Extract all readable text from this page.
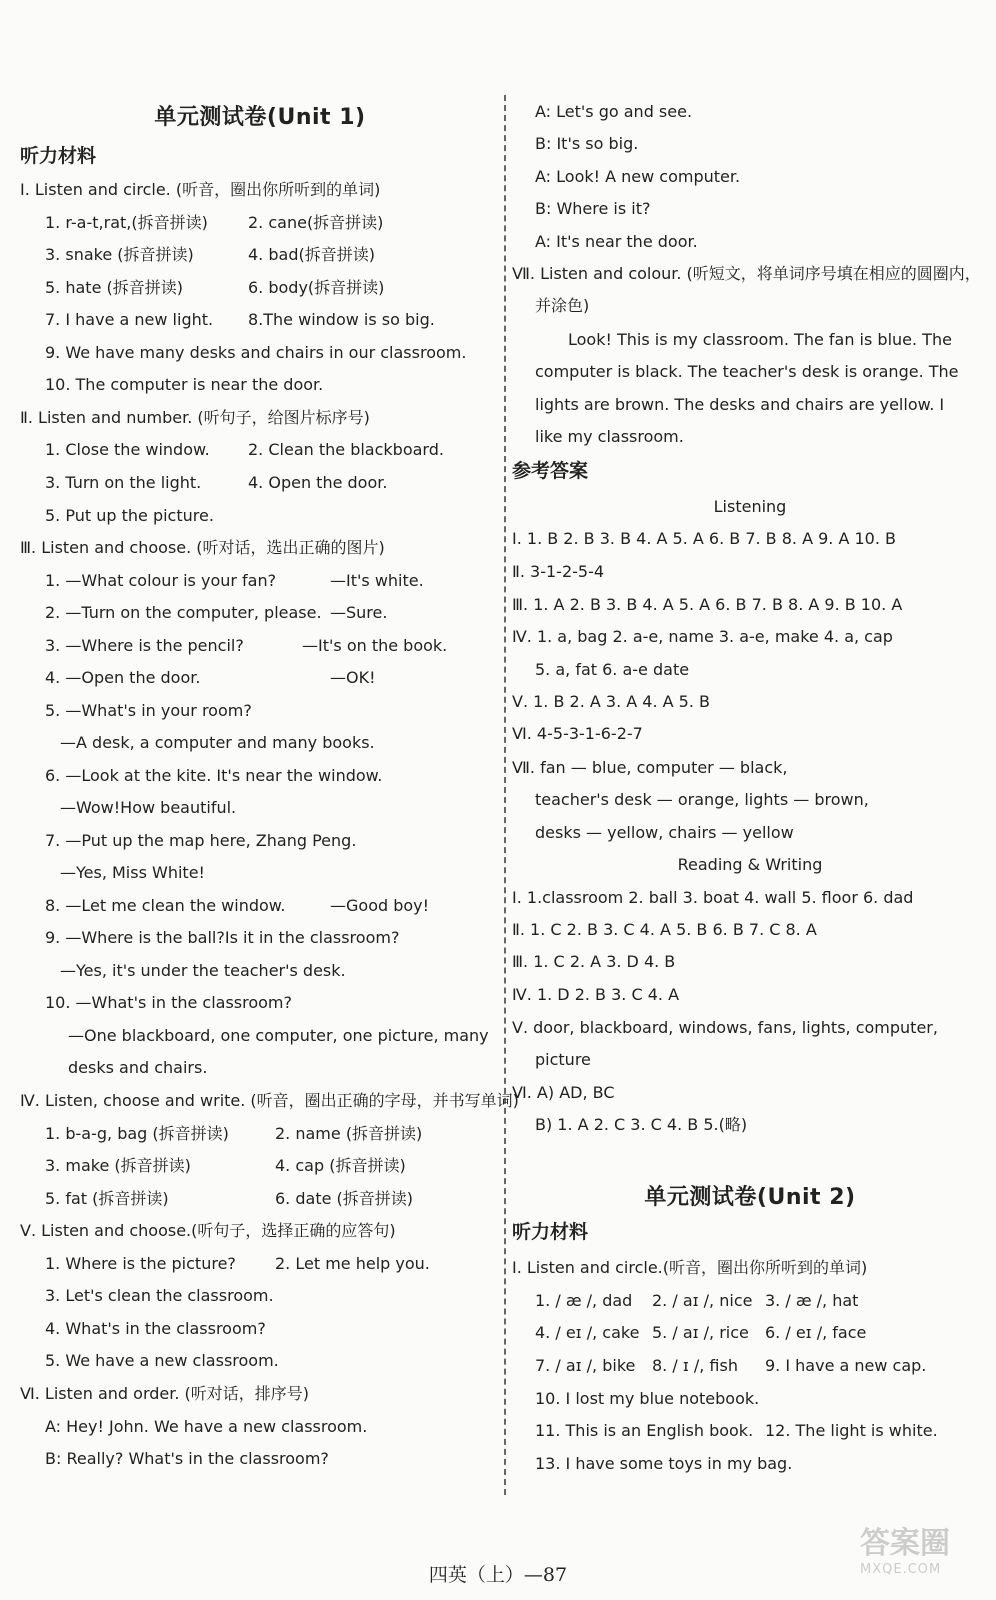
单元测试卷(Unit 1)
听力材料
Ⅰ. Listen and circle. (听音，圈出你所听到的单词)
1. r-a-t,rat,(拆音拼读)	2. cane(拆音拼读)
3. snake (拆音拼读)	4. bad(拆音拼读)
5. hate (拆音拼读)	6. body(拆音拼读)
7. I have a new light. 8.The window is so big.
9. We have many desks and chairs in our classroom.
10. The computer is near the door.
Ⅱ. Listen and number. (听句子，给图片标序号)
1. Close the window. 2. Clean the blackboard.
3. Turn on the light.	4. Open the door.
5. Put up the picture.
Ⅲ. Listen and choose. (听对话，选出正确的图片)
1. —What colour is your fan?	—It's white.
2. —Turn on the computer, please. —Sure.
3. —Where is the pencil?	—It's on the book.
4. —Open the door.	—OK!
5. —What's in your room?
—A desk, a computer and many books.
6. —Look at the kite. It's near the window.
—Wow!How beautiful.
7. —Put up the map here, Zhang Peng.
—Yes, Miss White!
8. —Let me clean the window.	—Good boy!
9. —Where is the ball?Is it in the classroom?
—Yes, it's under the teacher's desk.
10. —What's in the classroom?
—One blackboard, one computer, one picture, many
desks and chairs.
Ⅳ. Listen, choose and write. (听音，圈出正确的字母，并书写单词)
1. b-a-g, bag (拆音拼读)	2. name (拆音拼读)
3. make (拆音拼读)	4. cap (拆音拼读)
5. fat (拆音拼读)	6. date (拆音拼读)
Ⅴ. Listen and choose.(听句子，选择正确的应答句)
1. Where is the picture? 2. Let me help you.
3. Let's clean the classroom.
4. What's in the classroom?
5. We have a new classroom.
Ⅵ. Listen and order. (听对话，排序号)
A: Hey! John. We have a new classroom.
B: Really? What's in the classroom?
A: Let's go and see.
B: It's so big.
A: Look! A new computer.
B: Where is it?
A: It's near the door.
Ⅶ. Listen and colour. (听短文，将单词序号填在相应的圆圈内，
并涂色)
Look! This is my classroom. The fan is blue. The
computer is black. The teacher's desk is orange. The
lights are brown. The desks and chairs are yellow. I
like my classroom.
参考答案
Listening
Ⅰ. 1. B 2. B 3. B 4. A 5. A 6. B 7. B 8. A 9. A 10. B
Ⅱ. 3-1-2-5-4
Ⅲ. 1. A 2. B 3. B 4. A 5. A 6. B 7. B 8. A 9. B 10. A
Ⅳ. 1. a, bag 2. a-e, name 3. a-e, make 4. a, cap
5. a, fat 6. a-e date
Ⅴ. 1. B 2. A 3. A 4. A 5. B
Ⅵ. 4-5-3-1-6-2-7
Ⅶ. fan — blue, computer — black,
teacher's desk — orange, lights — brown,
desks — yellow, chairs — yellow
Reading & Writing
Ⅰ. 1.classroom 2. ball 3. boat 4. wall 5. floor 6. dad
Ⅱ. 1. C 2. B 3. C 4. A 5. B 6. B 7. C 8. A
Ⅲ. 1. C 2. A 3. D 4. B
Ⅳ. 1. D 2. B 3. C 4. A
Ⅴ. door, blackboard, windows, fans, lights, computer,
picture
Ⅵ. A) AD, BC
B) 1. A 2. C 3. C 4. B 5.(略)
单元测试卷(Unit 2)
听力材料
Ⅰ. Listen and circle.(听音，圈出你所听到的单词)
1. / æ /, dad 2. / aɪ /, nice 3. / æ /, hat
4. / eɪ /, cake 5. / aɪ /, rice 6. / eɪ /, face
7. / aɪ /, bike 8. / ɪ /, fish 9. I have a new cap.
10. I lost my blue notebook.
11. This is an English book. 12. The light is white.
13. I have some toys in my bag.
四英（上）—87
答案圈
MXQE.COM
